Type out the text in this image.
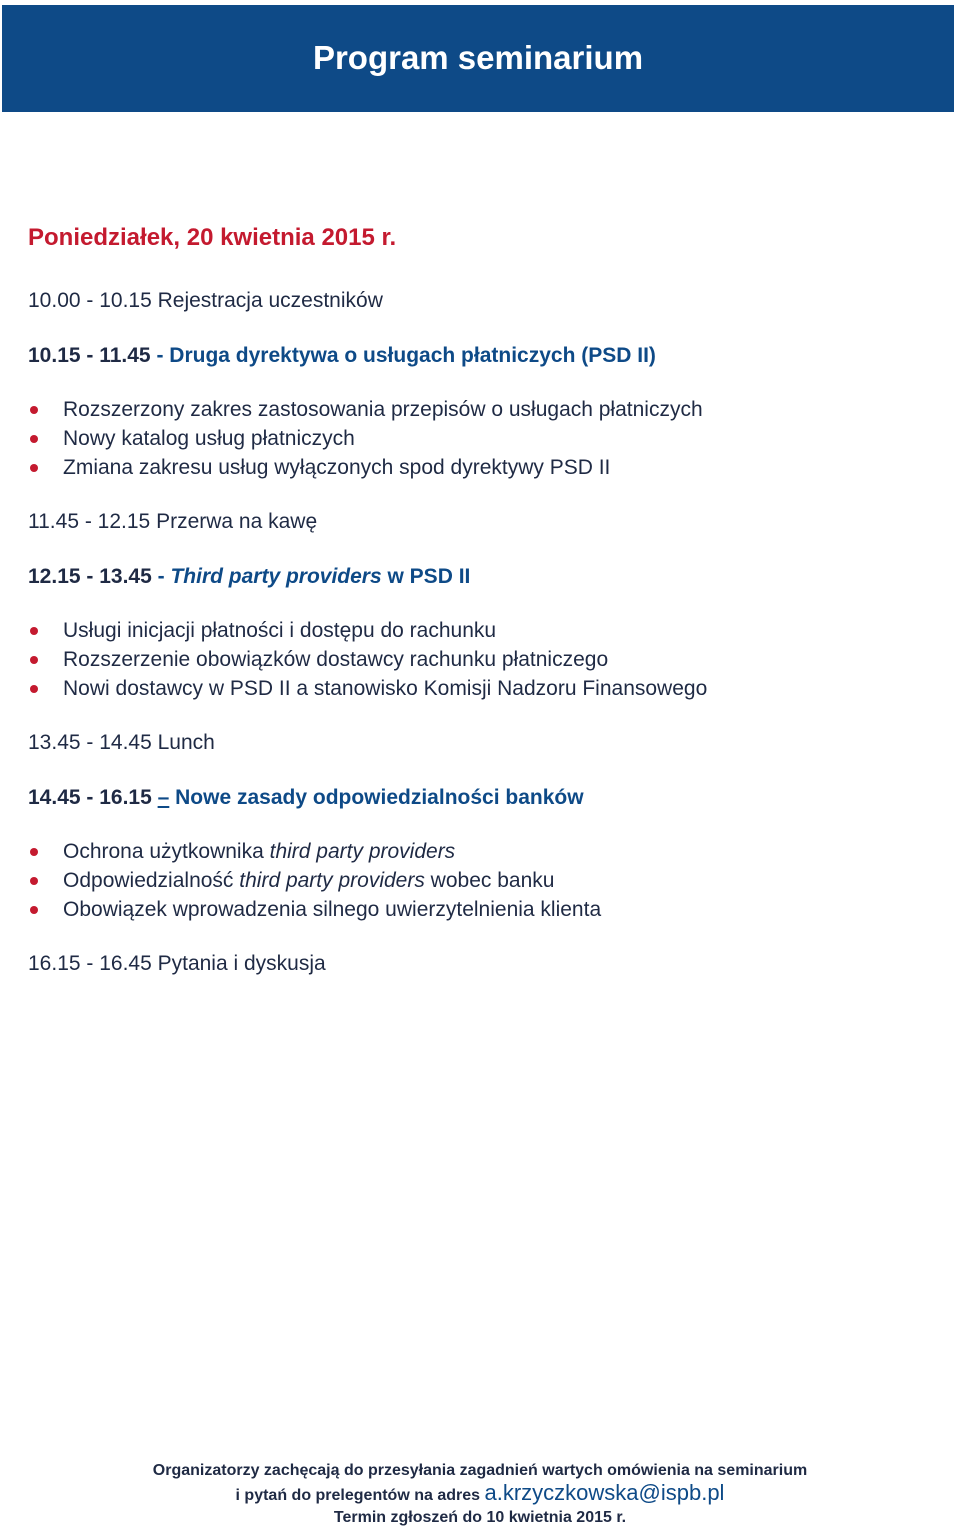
Program seminarium
Poniedziałek, 20 kwietnia 2015 r.
10.00 - 10.15 Rejestracja uczestników
10.15 - 11.45 - Druga dyrektywa o usługach płatniczych (PSD II)
Rozszerzony zakres zastosowania przepisów o usługach płatniczych
Nowy katalog usług płatniczych
Zmiana zakresu usług wyłączonych spod dyrektywy PSD II
11.45 - 12.15 Przerwa na kawę
12.15 - 13.45 - Third party providers w PSD II
Usługi inicjacji płatności i dostępu do rachunku
Rozszerzenie obowiązków dostawcy rachunku płatniczego
Nowi dostawcy w PSD II a stanowisko Komisji Nadzoru Finansowego
13.45 - 14.45 Lunch
14.45 - 16.15 – Nowe zasady odpowiedzialności banków
Ochrona użytkownika third party providers
Odpowiedzialność third party providers wobec banku
Obowiązek wprowadzenia silnego uwierzytelnienia klienta
16.15 - 16.45 Pytania i dyskusja
Organizatorzy zachęcają do przesyłania zagadnień wartych omówienia na seminarium
i pytań do prelegentów na adres a.krzyczkowska@ispb.pl
Termin zgłoszeń do 10 kwietnia 2015 r.
